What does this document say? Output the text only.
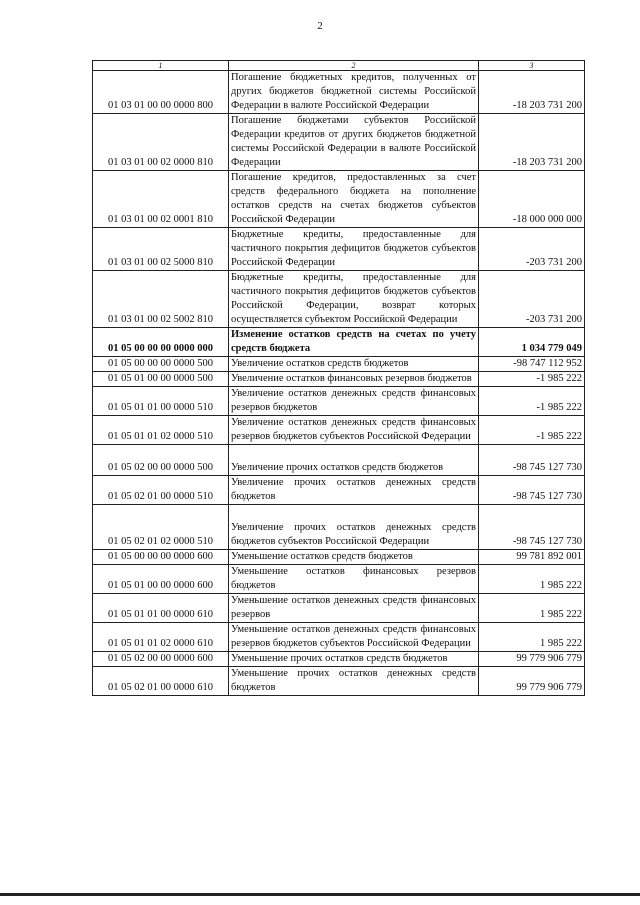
2
1	2	3
01 03 01 00 00 0000 800	Погашение бюджетных кредитов, полученных от других бюджетов бюджетной системы Российской Федерации в валюте Российской Федерации	-18 203 731 200
01 03 01 00 02 0000 810	Погашение бюджетами субъектов Российской Федерации кредитов от других бюджетов бюджетной системы Российской Федерации в валюте Российской Федерации	-18 203 731 200
01 03 01 00 02 0001 810	Погашение кредитов, предоставленных за счет средств федерального бюджета на пополнение остатков средств на счетах бюджетов субъектов Российской Федерации	-18 000 000 000
01 03 01 00 02 5000 810	Бюджетные кредиты, предоставленные для частичного покрытия дефицитов бюджетов субъектов Российской Федерации	-203 731 200
01 03 01 00 02 5002 810	Бюджетные кредиты, предоставленные для частичного покрытия дефицитов бюджетов субъектов Российской Федерации, возврат которых осуществляется субъектом Российской Федерации	-203 731 200
01 05 00 00 00 0000 000	Изменение остатков средств на счетах по учету средств бюджета	1 034 779 049
01 05 00 00 00 0000 500	Увеличение остатков средств бюджетов	-98 747 112 952
01 05 01 00 00 0000 500	Увеличение остатков финансовых резервов бюджетов	-1 985 222
01 05 01 01 00 0000 510	Увеличение остатков денежных средств финансовых резервов бюджетов	-1 985 222
01 05 01 01 02 0000 510	Увеличение остатков денежных средств финансовых резервов бюджетов субъектов Российской Федерации	-1 985 222
01 05 02 00 00 0000 500	Увеличение прочих остатков средств бюджетов	-98 745 127 730
01 05 02 01 00 0000 510	Увеличение прочих остатков денежных средств бюджетов	-98 745 127 730
01 05 02 01 02 0000 510	Увеличение прочих остатков денежных средств бюджетов субъектов Российской Федерации	-98 745 127 730
01 05 00 00 00 0000 600	Уменьшение остатков средств бюджетов	99 781 892 001
01 05 01 00 00 0000 600	Уменьшение остатков финансовых резервов бюджетов	1 985 222
01 05 01 01 00 0000 610	Уменьшение остатков денежных средств финансовых резервов	1 985 222
01 05 01 01 02 0000 610	Уменьшение остатков денежных средств финансовых резервов бюджетов субъектов Российской Федерации	1 985 222
01 05 02 00 00 0000 600	Уменьшение прочих остатков средств бюджетов	99 779 906 779
01 05 02 01 00 0000 610	Уменьшение прочих остатков денежных средств бюджетов	99 779 906 779
